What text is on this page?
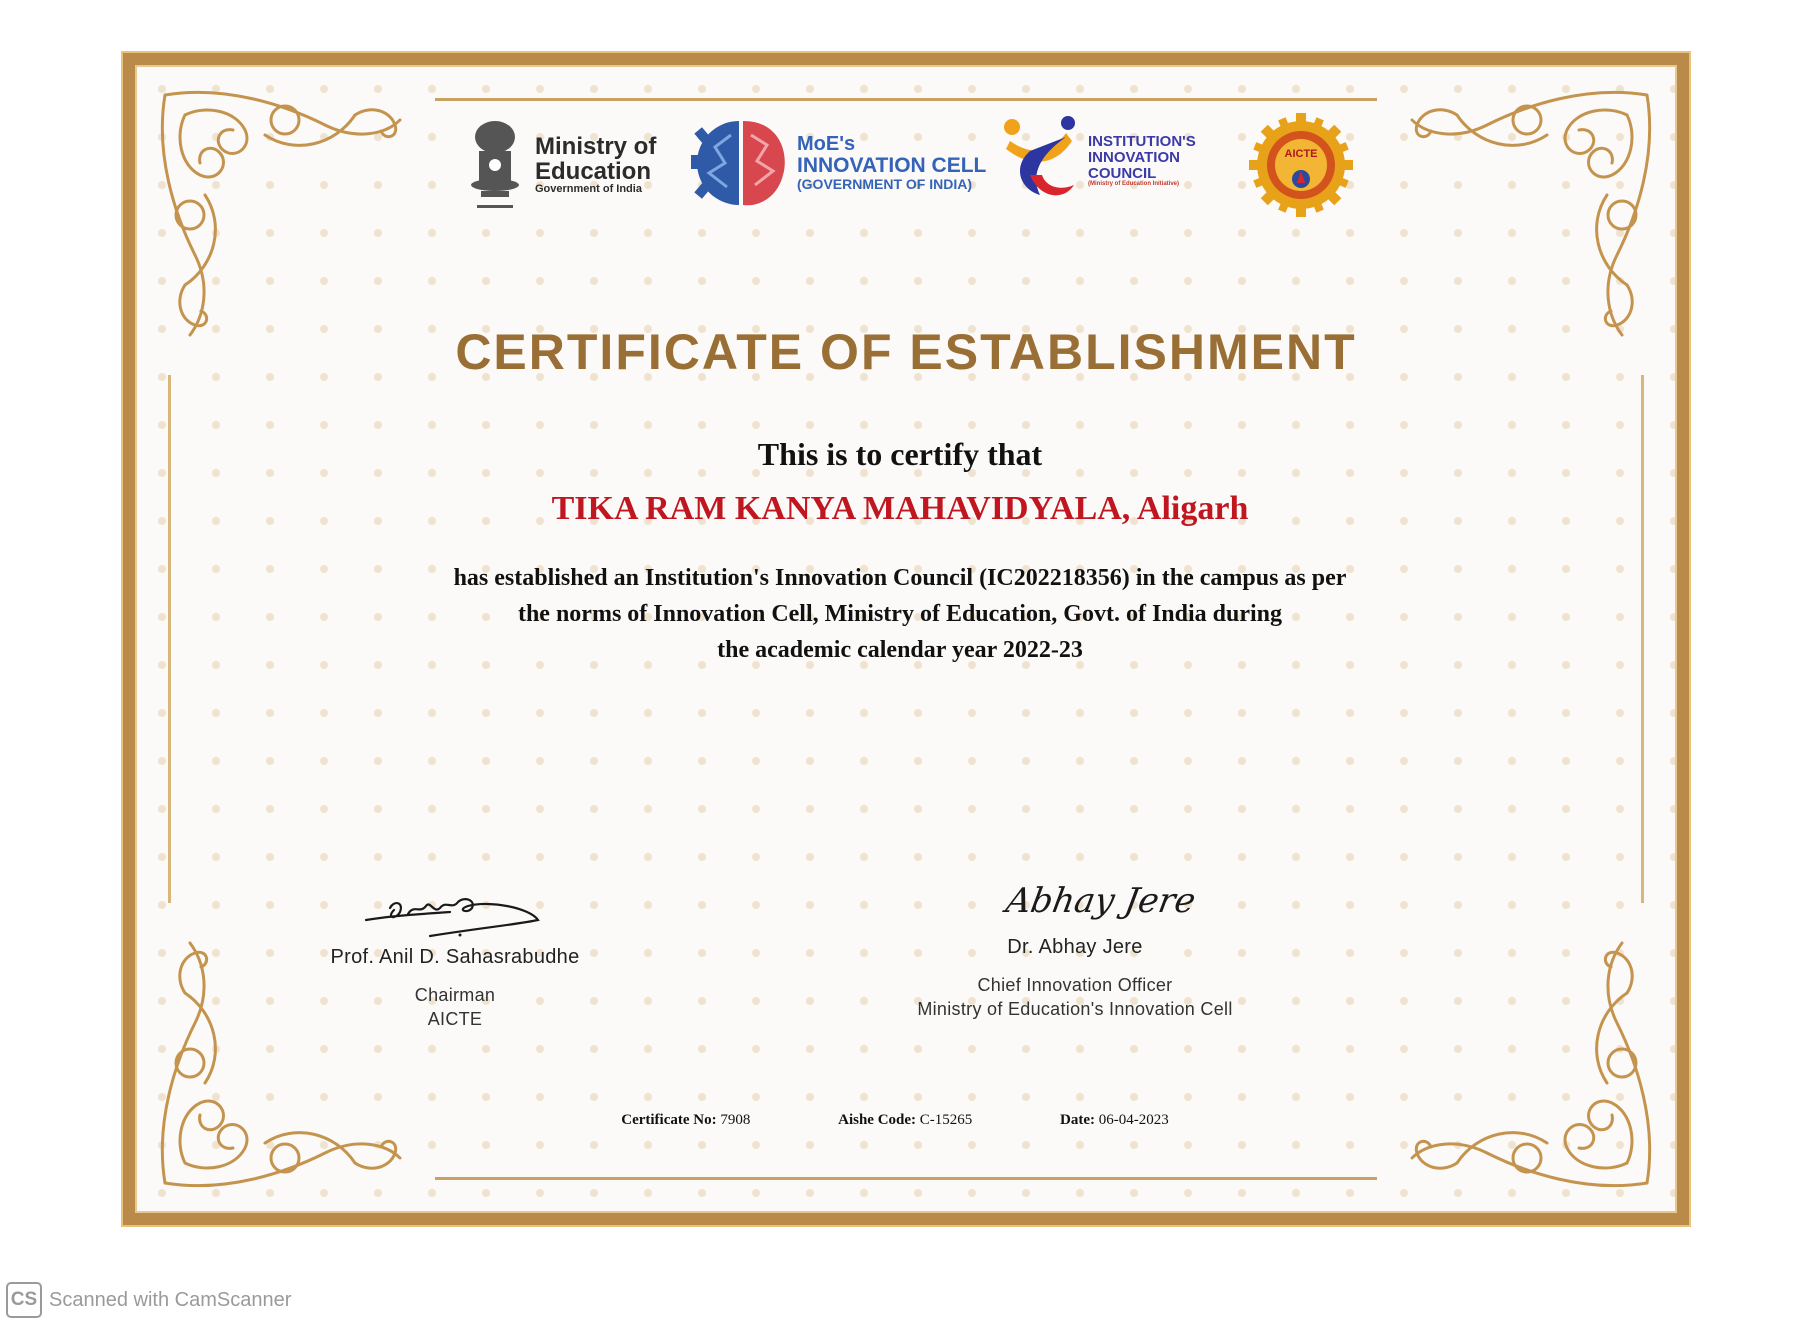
Ministry of
Education
Government of India
MoE's
INNOVATION CELL
(GOVERNMENT OF INDIA)
INSTITUTION'S
INNOVATION
COUNCIL
(Ministry of Education Initiative)
AICTE
CERTIFICATE OF ESTABLISHMENT
This is to certify that
TIKA RAM KANYA MAHAVIDYALA, Aligarh
has established an Institution's Innovation Council (IC202218356) in the campus as per
the norms of Innovation Cell, Ministry of Education, Govt. of India during
the academic calendar year 2022-23
Prof. Anil D. Sahasrabudhe
Chairman
AICTE
Abhay Jere
Dr. Abhay Jere
Chief Innovation Officer
Ministry of Education's Innovation Cell
Certificate No: 7908	Aishe Code: C-15265	Date: 06-04-2023
CS Scanned with CamScanner
